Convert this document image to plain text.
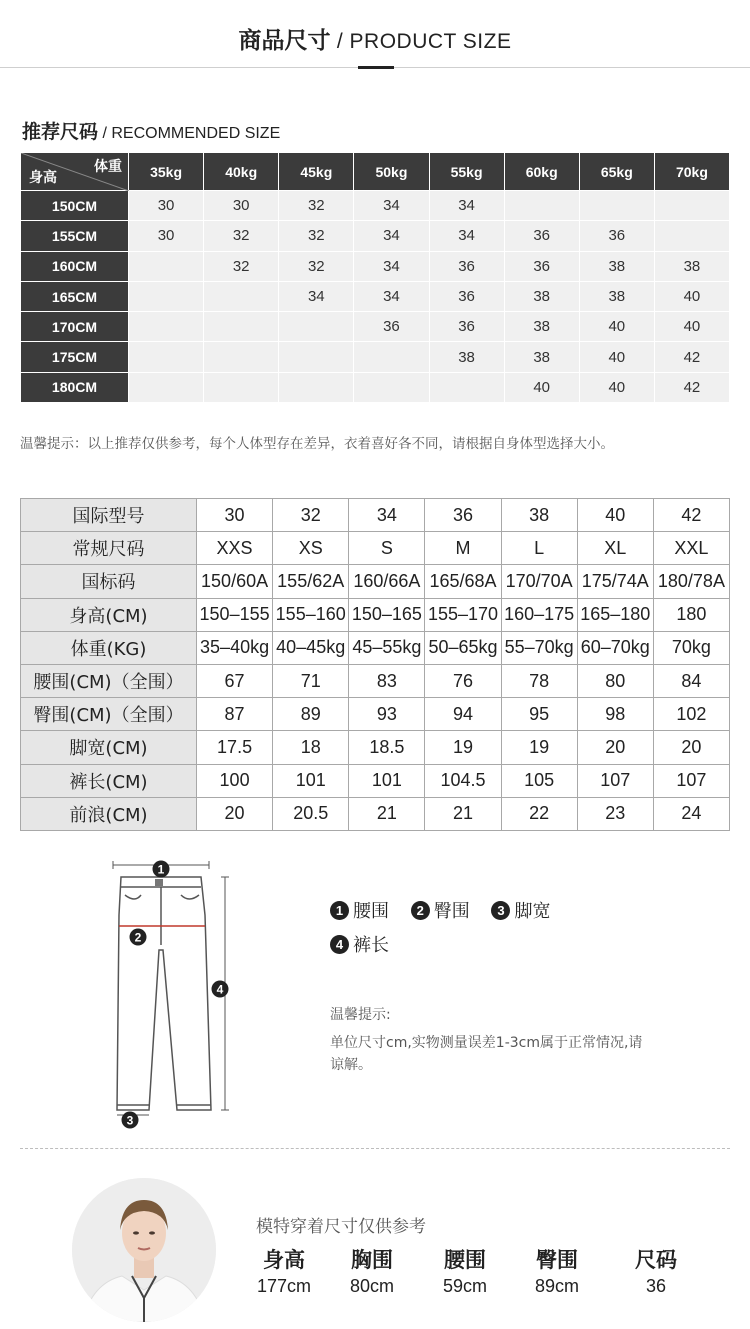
商品尺寸 / PRODUCT SIZE
推荐尺码 / RECOMMENDED SIZE
体重
身高	35kg	40kg	45kg	50kg	55kg	60kg	65kg	70kg
150CM	30	30	32	34	34			
155CM	30	32	32	34	34	36	36	
160CM		32	32	34	36	36	38	38
165CM			34	34	36	38	38	40
170CM				36	36	38	40	40
175CM					38	38	40	42
180CM						40	40	42
温馨提示：以上推荐仅供参考，每个人体型存在差异，衣着喜好各不同，请根据自身体型选择大小。
国际型号	30	32	34	36	38	40	42
常规尺码	XXS	XS	S	M	L	XL	XXL
国标码	150/60A	155/62A	160/66A	165/68A	170/70A	175/74A	180/78A
身高(CM)	150–155	155–160	150–165	155–170	160–175	165–180	180
体重(KG)	35–40kg	40–45kg	45–55kg	50–65kg	55–70kg	60–70kg	70kg
腰围(CM)（全围）	67	71	83	76	78	80	84
臀围(CM)（全围）	87	89	93	94	95	98	102
脚宽(CM)	17.5	18	18.5	19	19	20	20
裤长(CM)	100	101	101	104.5	105	107	107
前浪(CM)	20	20.5	21	21	22	23	24
1
2
3
4
1 腰围 2 臀围 3 脚宽
4 裤长
温馨提示:
单位尺寸cm,实物测量误差1-3cm属于正常情况,请谅解。
模特穿着尺寸仅供参考
身高
177cm
胸围
80cm
腰围
59cm
臀围
89cm
尺码
36
